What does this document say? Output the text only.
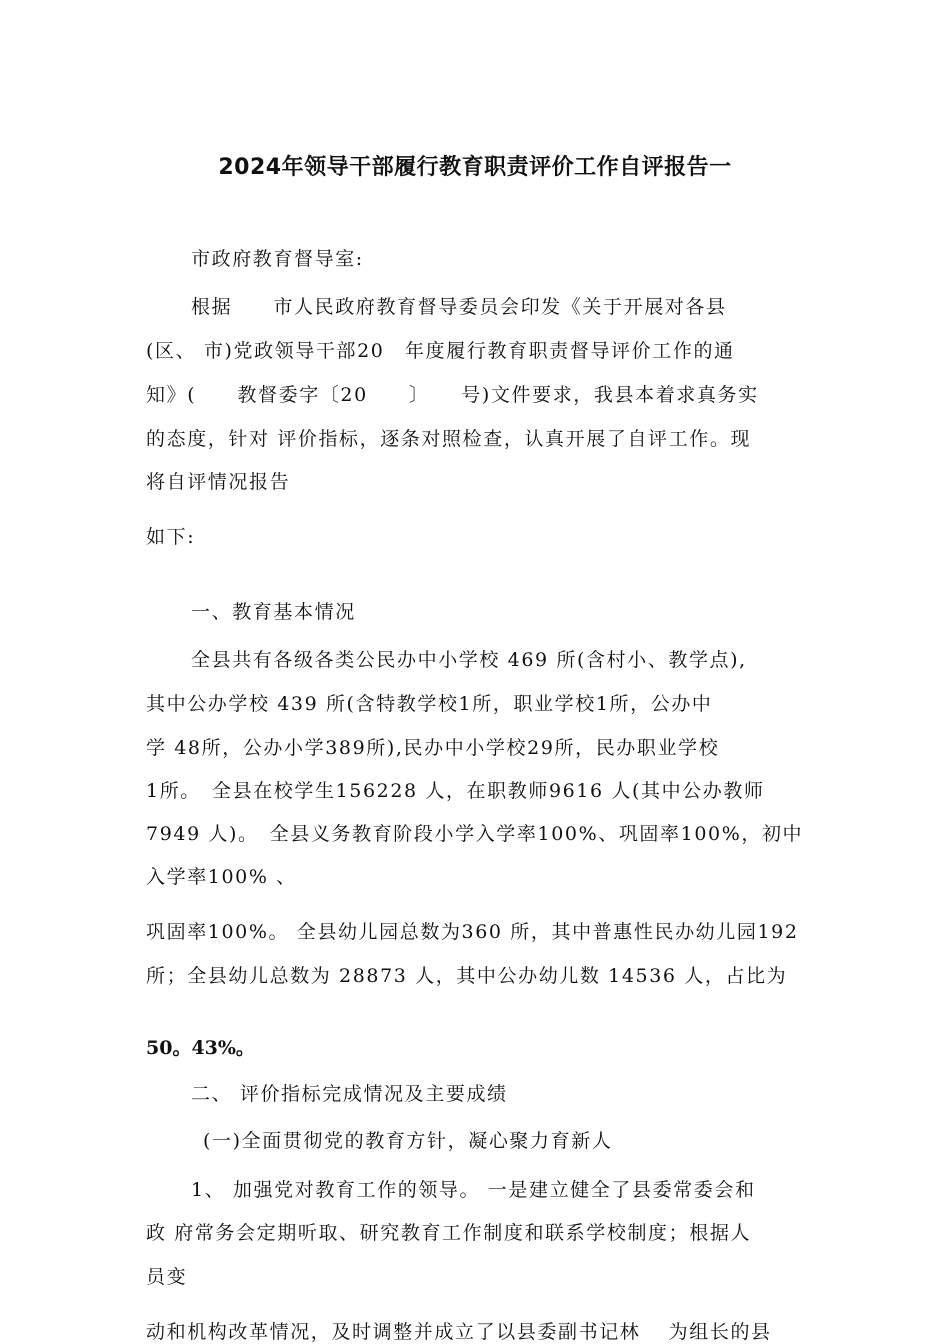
2024年领导干部履行教育职责评价工作自评报告一
市政府教育督导室:
根据　　市人民政府教育督导委员会印发《关于开展对各县
(区、 市)党政领导干部20　年度履行教育职责督导评价工作的通
知》(　　教督委字〔20　　〕　　号)文件要求，我县本着求真务实
的态度，针对 评价指标，逐条对照检查，认真开展了自评工作。现
将自评情况报告
如下:
一、教育基本情况
全县共有各级各类公民办中小学校 469 所(含村小、教学点),
其中公办学校 439 所(含特教学校1所，职业学校1所，公办中
学 48所，公办小学389所),民办中小学校29所，民办职业学校
1所。　全县在校学生156228 人，在职教师9616 人(其中公办教师
7949 人)。　全县义务教育阶段小学入学率100%、巩固率100%，初中
入学率100% 、
巩固率100%。 全县幼儿园总数为360 所，其中普惠性民办幼儿园192
所；全县幼儿总数为 28873 人，其中公办幼儿数 14536 人，占比为
50。43%。
二、 评价指标完成情况及主要成绩
(一)全面贯彻党的教育方针，凝心聚力育新人
1、 加强党对教育工作的领导。 一是建立健全了县委常委会和
政 府常务会定期听取、研究教育工作制度和联系学校制度；根据人
员变
动和机构改革情况，及时调整并成立了以县委副书记林　 为组长的县
